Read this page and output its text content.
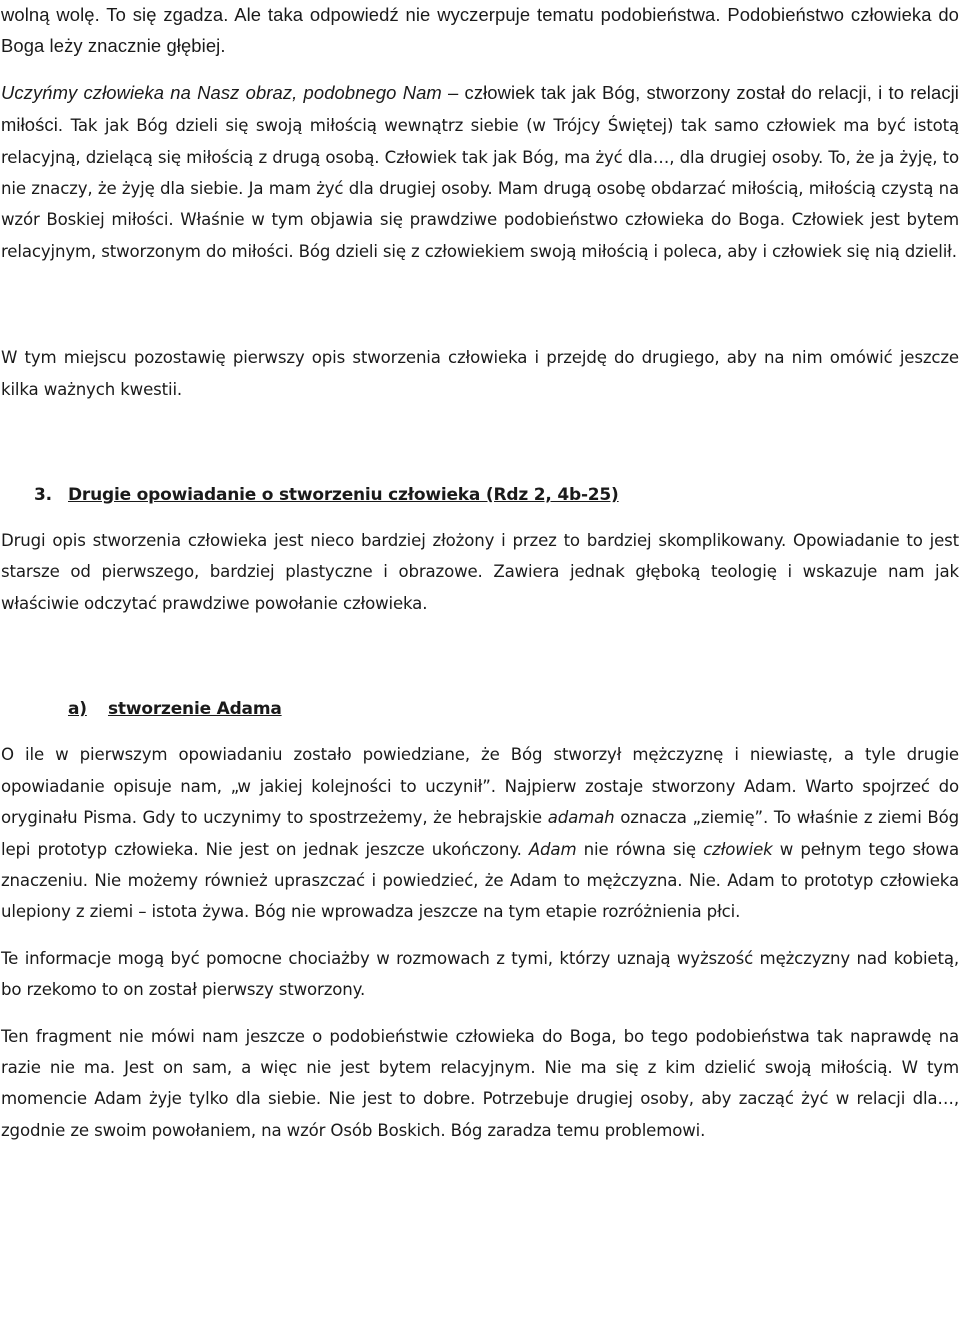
wolną wolę. To się zgadza. Ale taka odpowiedź nie wyczerpuje tematu podobieństwa. Podobieństwo człowieka do Boga leży znacznie głębiej.

Uczyńmy człowieka na Nasz obraz, podobnego Nam – człowiek tak jak Bóg, stworzony został do relacji, i to relacji miłości. Tak jak Bóg dzieli się swoją miłością wewnątrz siebie (w Trójcy Świętej) tak samo człowiek ma być istotą relacyjną, dzielącą się miłością z drugą osobą. Człowiek tak jak Bóg, ma żyć dla…, dla drugiej osoby. To, że ja żyję, to nie znaczy, że żyję dla siebie. Ja mam żyć dla drugiej osoby. Mam drugą osobę obdarzać miłością, miłością czystą na wzór Boskiej miłości. Właśnie w tym objawia się prawdziwe podobieństwo człowieka do Boga. Człowiek jest bytem relacyjnym, stworzonym do miłości. Bóg dzieli się z człowiekiem swoją miłością i poleca, aby i człowiek się nią dzielił.

W tym miejscu pozostawię pierwszy opis stworzenia człowieka i przejdę do drugiego, aby na nim omówić jeszcze kilka ważnych kwestii.

3. Drugie opowiadanie o stworzeniu człowieka (Rdz 2, 4b-25)

Drugi opis stworzenia człowieka jest nieco bardziej złożony i przez to bardziej skomplikowany. Opowiadanie to jest starsze od pierwszego, bardziej plastyczne i obrazowe. Zawiera jednak głęboką teologię i wskazuje nam jak właściwie odczytać prawdziwe powołanie człowieka.

a) stworzenie Adama

O ile w pierwszym opowiadaniu zostało powiedziane, że Bóg stworzył mężczyznę i niewiastę, a tyle drugie opowiadanie opisuje nam, „w jakiej kolejności to uczynił”. Najpierw zostaje stworzony Adam. Warto spojrzeć do oryginału Pisma. Gdy to uczynimy to spostrzeżemy, że hebrajskie adamah oznacza „ziemię”. To właśnie z ziemi Bóg lepi prototyp człowieka. Nie jest on jednak jeszcze ukończony. Adam nie równa się człowiek w pełnym tego słowa znaczeniu. Nie możemy również upraszczać i powiedzieć, że Adam to mężczyzna. Nie. Adam to prototyp człowieka ulepiony z ziemi – istota żywa. Bóg nie wprowadza jeszcze na tym etapie rozróżnienia płci.

Te informacje mogą być pomocne chociażby w rozmowach z tymi, którzy uznają wyższość mężczyzny nad kobietą, bo rzekomo to on został pierwszy stworzony.

Ten fragment nie mówi nam jeszcze o podobieństwie człowieka do Boga, bo tego podobieństwa tak naprawdę na razie nie ma. Jest on sam, a więc nie jest bytem relacyjnym. Nie ma się z kim dzielić swoją miłością. W tym momencie Adam żyje tylko dla siebie. Nie jest to dobre. Potrzebuje drugiej osoby, aby zacząć żyć w relacji dla…, zgodnie ze swoim powołaniem, na wzór Osób Boskich. Bóg zaradza temu problemowi.
